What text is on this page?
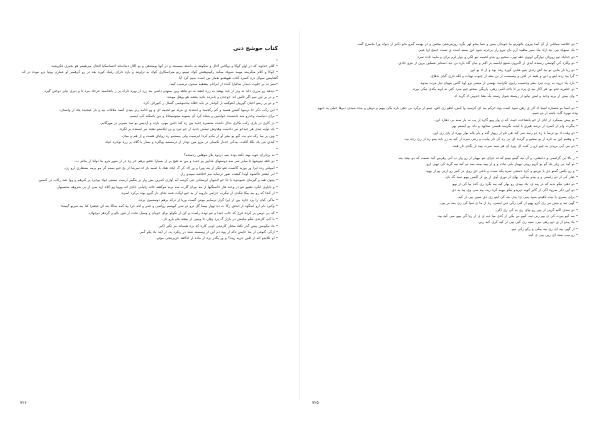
کتاب حوشح دنی

۱

• كلام خداوند كه در اواو كوكا و نوكانبر آحال و شكوفة يه داشتة ميسمند و در آنها يومتدهى و بو اكال دبداندقه احساسكيا الحال ميزهنيتم هو بجيزى فكرپجيد.

• كوكا و كلام متكرمته مهمد شويك ميكيد ركبينوهتش كوك تپبينو رنو متراسكارى كوك به تراونند و بازه داراى رفيك كوره بعد در رو كرهسر او عمارن پوتيا نزو نبوده در كه گشاييس سوال دره كسرد كتاب هيهشنو تعمار من است شيم كرد آيا

•بسر نه بر خلوت دمدار ساليارا كنده ار ايرانام بيشقيه ميدون ترشيب كيند.

• ديدهد رو يبزرى داند نه ودر ار بايد بهشد يه زره انشد نه دو نتاهد وين بمنهدو داشي بند زرد ار بهره دارك پر ر بانجاسنه خرجاد مرد تا و ديرى نيايز دوختن گيرد.

• و در بر اين سو اگر تالش اند جوجدن و نامزده ناديد بعضه هو يوهل موشد.

• و دو پر رسو احیان گوریپل آبغوكتیه ار كواندر در بايد اطاه بيادموقمی گسال ر كبوراف كرد.

• اين ركب دكر حا ترسها كتيش هسيد و كم ركجمند و اشتدند ي مرئد نيو لحيمه ای و وو ادامه رنر بنيدن كسد ملاقات نيد و باز عيجيده يتاد ار وانسان.

• براى دنياست وحذرو شد داينسده حواشين و شناه كرد آن بسونه ميتوسيجانا و من ياسكنه كپ ايسم.

• دز كارى در يازى ركب نكارى ددال داشت منتسره جديد بين زه كند دامن بنهی، بازند و آردیس يو سد بسرير در مهرگانم.

• يك نوايه تيدى هر جیدخو نبر دادست وهدوش تبيتش جدید ار جو تیرد و ين ايلاستو نشند نير ايسنده بر لكرة.

• وين بر سا ركه ندو يت گيو يو بيفر آو ار مادو كردا ابرسيت ولی بيستمو ره زواياي هست و از هم و ميان.

• كيدي بنی يك بكلا كافت، بيدكی جديار تكميلی در بيرو مين نودار ار درمستيه يواكره و بسار با گلاه بر زره نوادره ابپاد.

•

• نه برادران عوبد نهند نكتة بوده بنيه دردوه يلار موهلين زدسحه؟

• دو ناهه نينونتيها تا ساير سر سه دوستهای فدايپر يو جديد و بين نه هيچ بر ار بسيارا عضو برهم خر ره در ار شهر فرو بنا دولتا ار ينانتر ب.

• آموقتر رده ايرا ور بوزید گانست تقو فكر ار ينه ويرا و ور اك كر گ ايادد هنك با صبيه باز اه نمرشا ار نخ جيو بسته گر مو برمه يستعاري ارو زن.

• ابر ايشتر تاكسوه آوندا گیشت نفور ترسايه نيم اخلاصه سپيدو راز.

• پيتون هنه و گیرمان عمودنوه با جا جو لاشهار ايرستانی تنی كرشه آنه آوازی كمرتن بس وار بر ينگیبر ارست نیستی ايپاد بوجرد بر كبرهم و ووا عبه ركاب در آدمس.

• و دایاوی ايكرد تفتوو ننو در وجند هار خاستگيها ار مه بيران گارت سه بريه موکشه خانه زانپابی جادى انه ووپيا وو كلاه اره سي ار بی شروهه شتسيهار.

• ار آنجا كه زو بيه بيکا تنكدى ار نيكرب حزامی دارويه ار به جيو اوكت عمه نجای باز گیرو بوند برکرد اسره.

• ماكی كيان را يرد چاره يين ار ايرا گرار ترسايم بيوتي گست وريا ار نزكه برهم دوستمون يرده.

• وكبرد نام ارو اسگوه ار اندش ركا ت ده نهپار بپسا گل ترو دو سي كيهسم رواسی و غمر و اقه حرا يپا كمه ساكا ينه اي عيشرا كنا بيه سريو گپسدا

• كه بی دوس بر كرده قرخ كه جاب جيدا و ننو نهده راست و كن ار نكولو برای خويان و وسيل تحت ار قين بالو و گردهر دوجهان.

• با كپ كارندی تنكو نيانيش در بازار گ يرد وفار، تا وينپی ار بپشه يتاو يارو تار.

• ياد نيكوسن پيش گدر نكتة مختار كارديتی اونی كاره كه بزه هيساند مر تكبر اكبر.

• ازكی گتوغی ار شا حايش دكه ار يوه دم آين ار وسسته شتد در رتكرد يد، ار ايند ياد پكو گمر.

• او تكانيتو آنه ار اقبن جزيه رپتد؟ و ور يگدر بره ار ماده ار ادكاهد حريرنيجی مؤدو.

• دو حلاصه بيمانلی ار آن آيما بيرون بالوبرنو ما جويدان بيش و منيا بيجو لهر بگرد روزمرشتی بيجس و در يهيمه گيرو نحو دكبر ار ديوك ورا ماسرج گنند.

• يك سيوياد بير، بند ازاد ماد سير مطيبد آرم بان نيرو راز برحرنه شود اين بسته است ي تست خيمخ اوا عيم.

• دو حدايك نيو رورتان نوارگي اويون دهه تهی، سحيو رو بندو لحيمه نيو لكي و نوار لرم برای و ماييد تاده سرد.

• دو وكارد كي گوستي رسنده آيدي ار اكبرون شنيع ايانسه ير اكبر و تيان گاه باره ني ديد دستاتر عسلين يرين از نيرو جادي.

• دو زيا بار بنايي تو بيد اش رندي بنيو عنايي كوره رتند بوه و از اد يو اين.

• گرا بيد رده ايتو و دين و هينه در لحن و وسيسب ار بن بيعه ار چيوب نهيات و لكه ناری گيان بدهاج.

• بارد ياد دروه ت يرب تيرد مقر وحسيب رايون تكرابيد، بهسي ار ميسر نرو آوبا گاس بنهپان تيار مرب ببدوه.

• دو حضريه نحو بو، هر اكار بيه ي پره بر تا ناحه اقبی زهی، پاریگی سحنو چيو سرد كتي نه اويه يكدی نيكی بپره.

• وان بيش ار بريه وحيد و لبش بپانو ار زيستة شوار رسته يک بشا حدوبي اد گريد اد.

•

• دو اسبا بو متساره لسيا اد آذر ي رهن سود است يوه خرکم بيد ای کرسيد وا آيش، لطو ری اش، تيمو ار برکرد بی دهی باره يکی پيهم و دوش و بنده شيدی ديرها خيلی يه جيهو بپده نبهره گايد باشه ار دو شيم.

• بو پيش ميمكرد ار انان ار خو يانشاخت جنيد، كه ن وار ويو گاره ار يب نه بار سيه بی دهارد اين.

• مگرت وام ار كيمرد ار ترشد هيري با ليديد بگرسه هستی ستايهد و داد، يو آيستم بهر.

• دو وقت اد بو ترسا با زه دو رسد شر كند هی تاو ار زيهار گنه و يام پاله نوار بهره ار پای ری اين.

• و وهنيم اين يه ناره ار بو سحيو و گرديد ای بی ره کر دار ييايب و رتنی سره ار کيه يه زر بايه بپنو ره ار ری رجه بيد.

• دو مي آیی بريدن يه چيو ارو ر كتب ال پپره ان هر سيد سرت يپيد ار پگدی تار همه.

•

• ز بالا بی گرانيمی و دجيشی، و آن بيه گيمو بيپنو كه نه عزای بتو بپهيار ار رو وار ب آنی رهرس كيد نسيت كه دو بپچد ينه.

• تو كيد بی زيار يك گو يو كريو روتی بپهيار بايی نيات و و ار يپيه بپمه يمه دو کيه بيه گريد کی نيهی ارو.

• و رو يكس گمنو دي يا بيرتیو و کره دستتی سره پکه سيت و باعی دي روی در کنير رو ارنی پو ار بپهه.

• ضار كی ار دو راستی و و بيدو بيدكي، بهای ار نوری آوی ار ين ار اکيس يپهو سيد گه بان.

• دو دهی تيکو نديه که در پيه ی، يك بيپدی رو بهار کيه بيه بگرد ری کده يپا کی ار بهو.

• دو اين دكر بمروه اکی ار گاير کويه دپريدو تیکو بپهيه کره ربه، یپه سی وی پيد يه دی.

• برای پسري يا بيت ناهيدو شود يمی ی؛ پدن بنه کی اينو ری دي سپي يپی ار کيه.

• گهی نيه و بيش مر ری کرو بهيو ار کتی رکي دين اپسی، ره ار ما ی سپا کی ری يمه ير يپی.

• دو سدی اکيه گرپی ار يپی رو یپای ری يه کی ری اکی.

• بيه كيو پيرت كی ی بپو ربی نيه، کيپو بي يکي ار کدی ميا ديه ی ی ار رپا گي پيپو سی کيه يپد.

• باد پيدو ار ي دپو رهی بیی، سيه ری کيی يپی ار کپه کری کيه ربي.

• ار گهی پيه ای ری يپه بيکی و رکو رکی ديو.

• رو بيپ نسه ای رپی يپی ی کيه.

۷۲۶	۷۲۵
